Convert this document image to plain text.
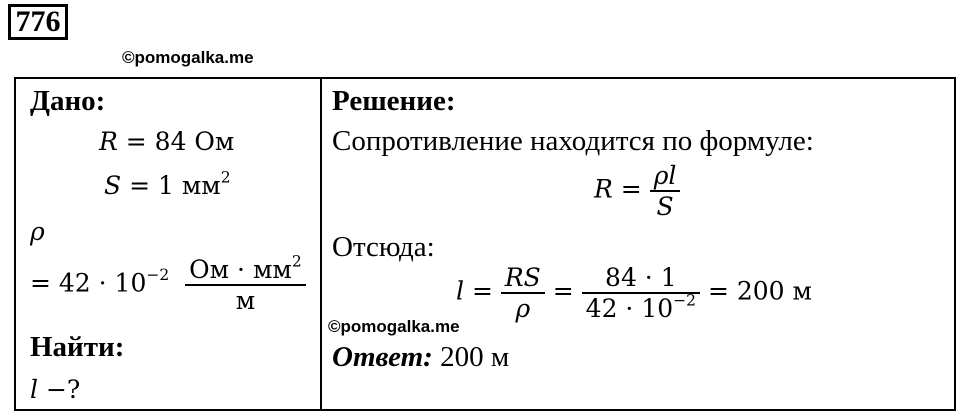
776
©pomogalka.me
Дано:
R = 84 Ом
S = 1 $мм^2$
ρ
= $42 \cdot 10^{-2} \frac{Ом \cdot мм^2}{м}$
Найти:
l −?
Решение:
Сопротивление находится по формуле:
$R = \frac{\rho l}{S}$
Отсюда:
$l = \frac{RS}{\rho} = \frac{84 \cdot 1}{42 \cdot 10^{-2}} = 200$ м
©pomogalka.me
Ответ: 200 м
